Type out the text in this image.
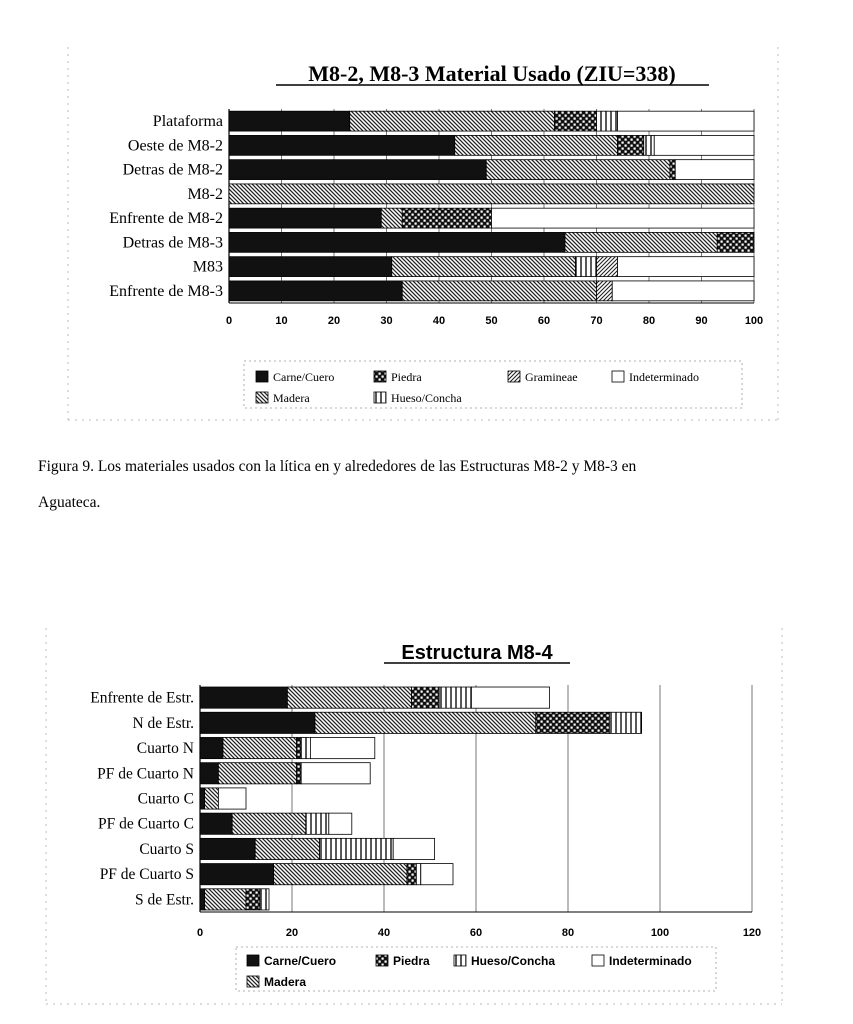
M8-2, M8-3 Material Usado (ZIU=338)
Plataforma
Oeste de M8-2
Detras de M8-2
M8-2
Enfrente de M8-2
Detras de M8-3
M83
Enfrente de M8-3
0	10	20	30	40	50	60	70	80	90	100
Carne/Cuero	Piedra	Gramineae	Indeterminado
Madera	Hueso/Concha
Estructura M8-4
Enfrente de Estr.
N de Estr.
Cuarto N
PF de Cuarto N
Cuarto C
PF de Cuarto C
Cuarto S
PF de Cuarto S
S de Estr.
0	20	40	60	80	100	120
Carne/Cuero	Piedra	Hueso/Concha	Indeterminado
Madera
Figura 9. Los materiales usados con la lítica en y alrededores de las Estructuras M8-2 y M8-3 en
Aguateca.
